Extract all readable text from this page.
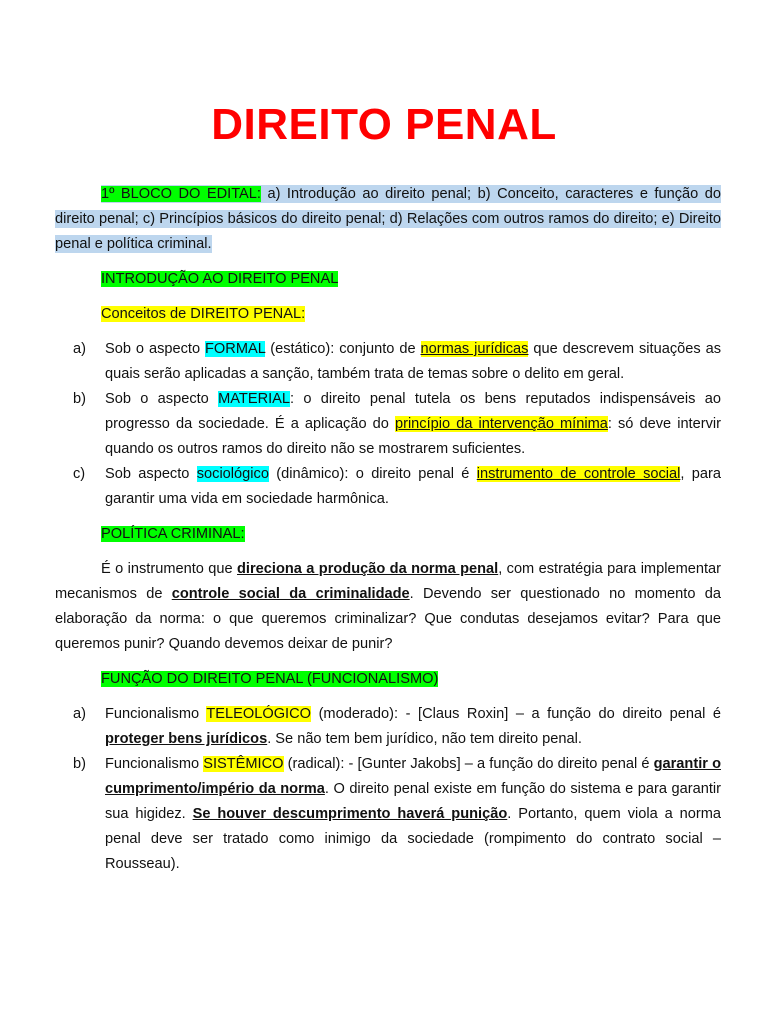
DIREITO PENAL

1º BLOCO DO EDITAL: a) Introdução ao direito penal; b) Conceito, caracteres e função do direito penal; c) Princípios básicos do direito penal; d) Relações com outros ramos do direito; e) Direito penal e política criminal.

INTRODUÇÃO AO DIREITO PENAL

Conceitos de DIREITO PENAL:

a)	Sob o aspecto FORMAL (estático): conjunto de normas jurídicas que descrevem situações as quais serão aplicadas a sanção, também trata de temas sobre o delito em geral.
b)	Sob o aspecto MATERIAL: o direito penal tutela os bens reputados indispensáveis ao progresso da sociedade. É a aplicação do princípio da intervenção mínima: só deve intervir quando os outros ramos do direito não se mostrarem suficientes.
c)	Sob aspecto sociológico (dinâmico): o direito penal é instrumento de controle social, para garantir uma vida em sociedade harmônica.

POLÍTICA CRIMINAL:

É o instrumento que direciona a produção da norma penal, com estratégia para implementar mecanismos de controle social da criminalidade. Devendo ser questionado no momento da elaboração da norma: o que queremos criminalizar? Que condutas desejamos evitar? Para que queremos punir? Quando devemos deixar de punir?

FUNÇÃO DO DIREITO PENAL (FUNCIONALISMO)

a)	Funcionalismo TELEOLÓGICO (moderado): - [Claus Roxin] – a função do direito penal é proteger bens jurídicos. Se não tem bem jurídico, não tem direito penal.
b)	Funcionalismo SISTÊMICO (radical): - [Gunter Jakobs] – a função do direito penal é garantir o cumprimento/império da norma. O direito penal existe em função do sistema e para garantir sua higidez. Se houver descumprimento haverá punição. Portanto, quem viola a norma penal deve ser tratado como inimigo da sociedade (rompimento do contrato social – Rousseau).
